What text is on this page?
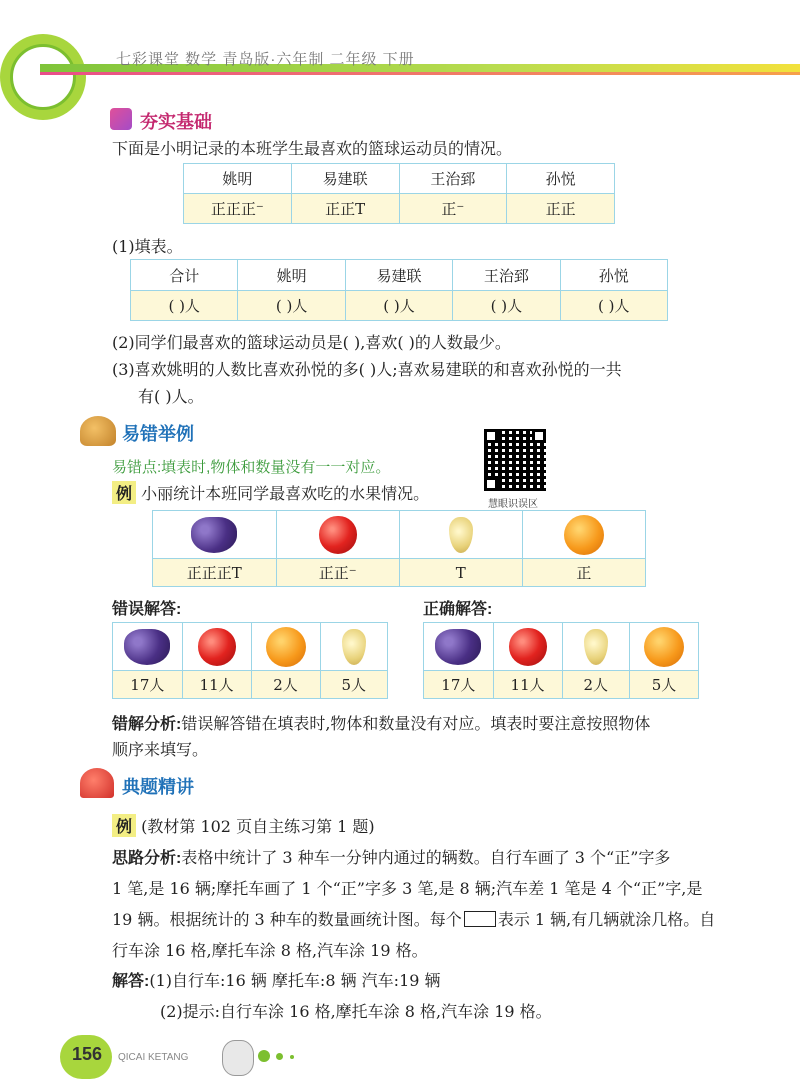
七彩课堂 数学 青岛版·六年制 二年级 下册
夯实基础

下面是小明记录的本班学生最喜欢的篮球运动员的情况。

姚明	易建联	王治郅	孙悦
正正正⁻	正正T	正⁻	正正

(1)填表。

合计	姚明	易建联	王治郅	孙悦
( )人	( )人	( )人	( )人	( )人

(2)同学们最喜欢的篮球运动员是( ),喜欢( )的人数最少。

(3)喜欢姚明的人数比喜欢孙悦的多( )人;喜欢易建联的和喜欢孙悦的一共

有( )人。

易错举例
慧眼识误区
易错点:填表时,物体和数量没有一一对应。
例 小丽统计本班同学最喜欢吃的水果情况。

正正正T	正正⁻	T	正
错误解答:	正确解答:

17人	11人	2人	5人

		17人	11人	2人	5人

错解分析:错误解答错在填表时,物体和数量没有对应。填表时要注意按照物体

顺序来填写。

典题精讲
例 (教材第 102 页自主练习第 1 题)

思路分析:表格中统计了 3 种车一分钟内通过的辆数。自行车画了 3 个“正”字多

1 笔,是 16 辆;摩托车画了 1 个“正”字多 3 笔,是 8 辆;汽车差 1 笔是 4 个“正”字,是

19 辆。根据统计的 3 种车的数量画统计图。每个 表示 1 辆,有几辆就涂几格。自

行车涂 16 格,摩托车涂 8 格,汽车涂 19 格。

解答:(1)自行车:16 辆 摩托车:8 辆 汽车:19 辆

(2)提示:自行车涂 16 格,摩托车涂 8 格,汽车涂 19 格。

156 QICAI KETANG
